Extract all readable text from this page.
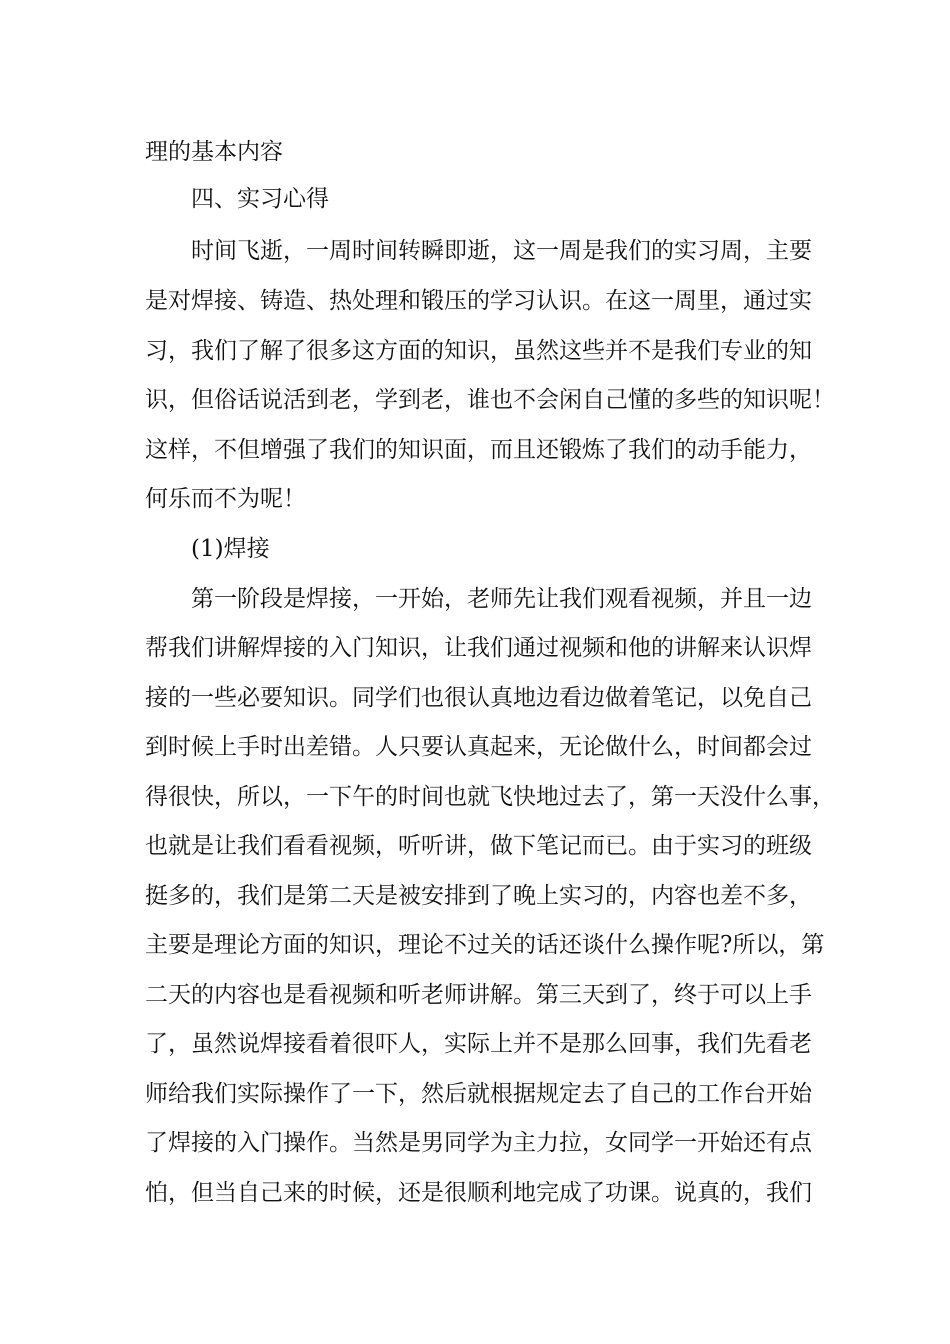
理的基本内容
四、实习心得
时间飞逝，一周时间转瞬即逝，这一周是我们的实习周，主要
是对焊接、铸造、热处理和锻压的学习认识。在这一周里，通过实
习，我们了解了很多这方面的知识，虽然这些并不是我们专业的知
识，但俗话说活到老，学到老，谁也不会闲自己懂的多些的知识呢！
这样，不但增强了我们的知识面，而且还锻炼了我们的动手能力，
何乐而不为呢！
(1)焊接
第一阶段是焊接，一开始，老师先让我们观看视频，并且一边
帮我们讲解焊接的入门知识，让我们通过视频和他的讲解来认识焊
接的一些必要知识。同学们也很认真地边看边做着笔记，以免自己
到时候上手时出差错。人只要认真起来，无论做什么，时间都会过
得很快，所以，一下午的时间也就飞快地过去了，第一天没什么事，
也就是让我们看看视频，听听讲，做下笔记而已。由于实习的班级
挺多的，我们是第二天是被安排到了晚上实习的，内容也差不多，
主要是理论方面的知识，理论不过关的话还谈什么操作呢?所以，第
二天的内容也是看视频和听老师讲解。第三天到了，终于可以上手
了，虽然说焊接看着很吓人，实际上并不是那么回事，我们先看老
师给我们实际操作了一下，然后就根据规定去了自己的工作台开始
了焊接的入门操作。当然是男同学为主力拉，女同学一开始还有点
怕，但当自己来的时候，还是很顺利地完成了功课。说真的，我们
